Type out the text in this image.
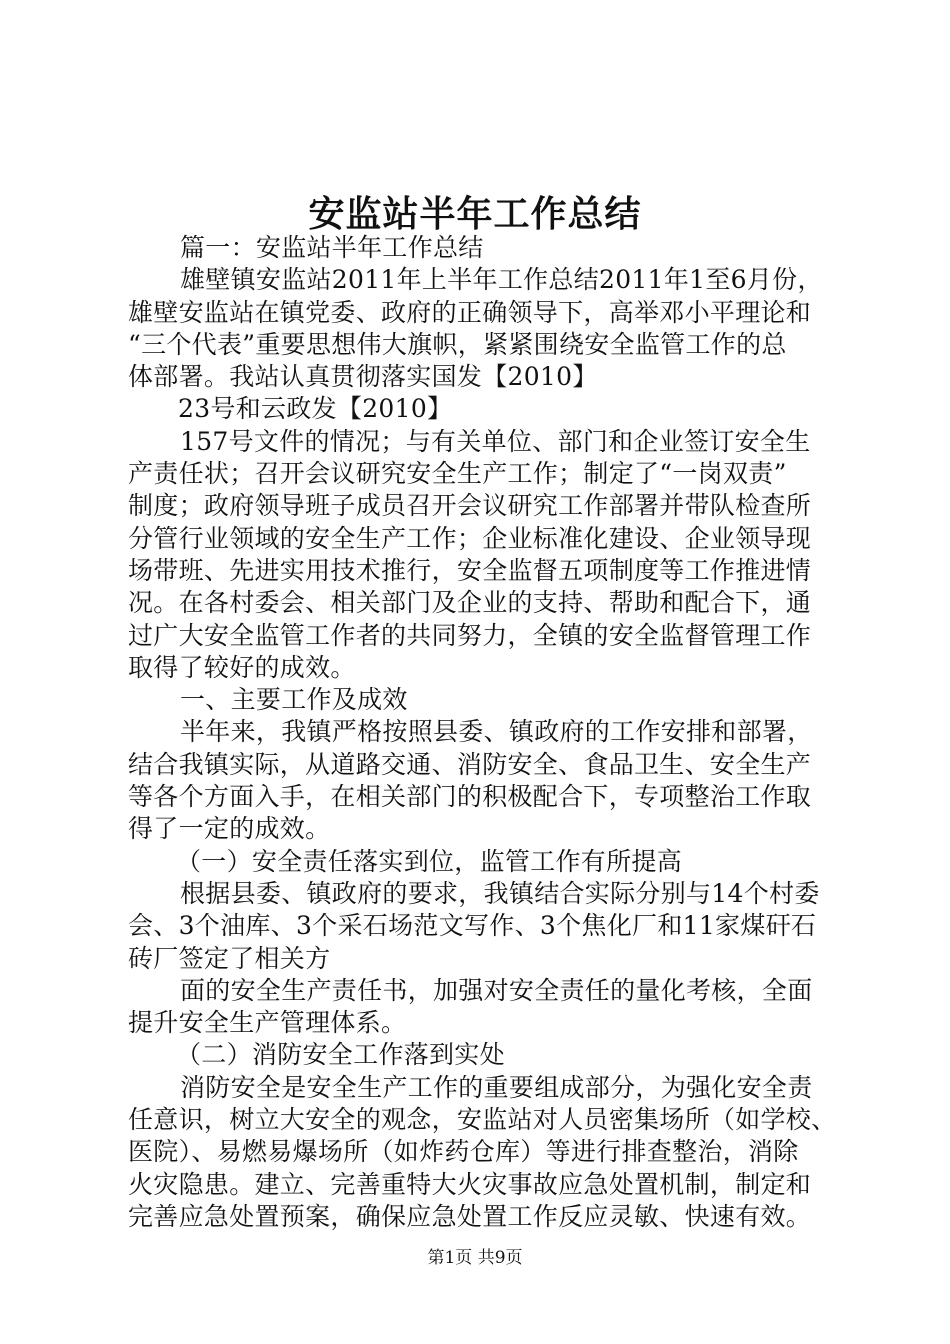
安监站半年工作总结
篇一：安监站半年工作总结
雄壁镇安监站2011年上半年工作总结2011年1至6月份，
雄壁安监站在镇党委、政府的正确领导下，高举邓小平理论和
“三个代表”重要思想伟大旗帜，紧紧围绕安全监管工作的总
体部署。我站认真贯彻落实国发【2010】
23号和云政发【2010】
157号文件的情况；与有关单位、部门和企业签订安全生
产责任状；召开会议研究安全生产工作；制定了“一岗双责”
制度；政府领导班子成员召开会议研究工作部署并带队检查所
分管行业领域的安全生产工作；企业标准化建设、企业领导现
场带班、先进实用技术推行，安全监督五项制度等工作推进情
况。在各村委会、相关部门及企业的支持、帮助和配合下，通
过广大安全监管工作者的共同努力，全镇的安全监督管理工作
取得了较好的成效。
一、主要工作及成效
半年来，我镇严格按照县委、镇政府的工作安排和部署，
结合我镇实际，从道路交通、消防安全、食品卫生、安全生产
等各个方面入手，在相关部门的积极配合下，专项整治工作取
得了一定的成效。
（一）安全责任落实到位，监管工作有所提高
根据县委、镇政府的要求，我镇结合实际分别与14个村委
会、3个油库、3个采石场范文写作、3个焦化厂和11家煤矸石
砖厂签定了相关方
面的安全生产责任书，加强对安全责任的量化考核，全面
提升安全生产管理体系。
（二）消防安全工作落到实处
消防安全是安全生产工作的重要组成部分，为强化安全责
任意识，树立大安全的观念，安监站对人员密集场所（如学校、
医院）、易燃易爆场所（如炸药仓库）等进行排查整治，消除
火灾隐患。建立、完善重特大火灾事故应急处置机制，制定和
完善应急处置预案，确保应急处置工作反应灵敏、快速有效。
第1页 共9页
